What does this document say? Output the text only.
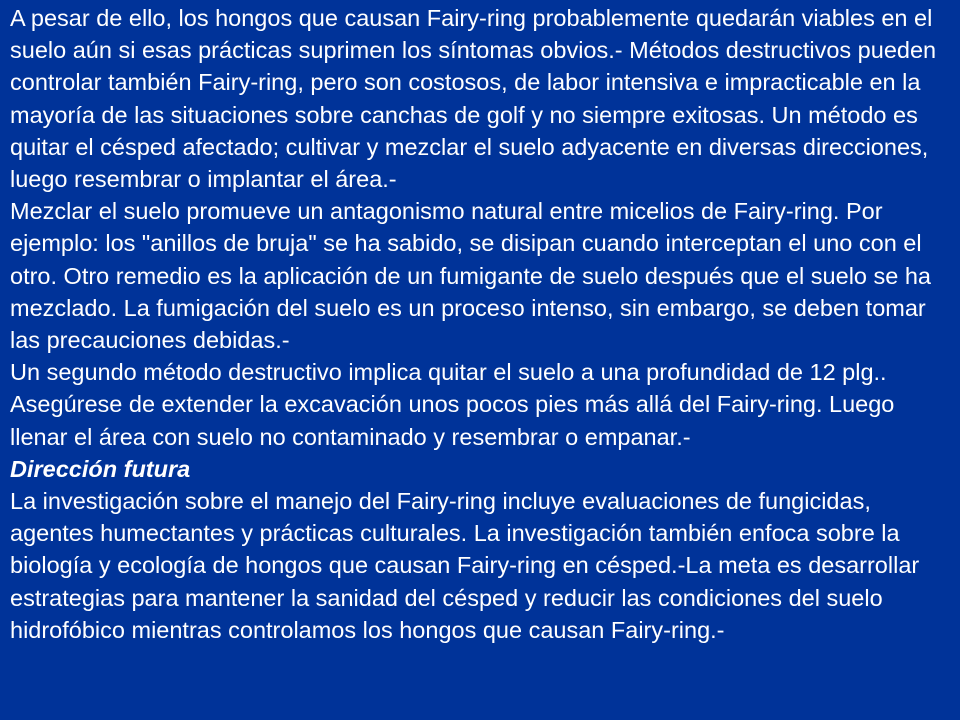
A pesar de ello, los hongos que causan Fairy-ring probablemente quedarán viables en el suelo aún si esas prácticas suprimen los síntomas obvios.- Métodos destructivos pueden controlar también Fairy-ring, pero son costosos, de labor intensiva e impracticable en la mayoría de las situaciones sobre canchas de golf y no siempre exitosas. Un método es quitar el césped afectado; cultivar y mezclar el suelo adyacente en diversas direcciones, luego resembrar o implantar el área.-

Mezclar el suelo promueve un antagonismo natural entre micelios de Fairy-ring. Por ejemplo: los "anillos de bruja" se ha sabido, se disipan cuando interceptan el uno con el otro. Otro remedio es la aplicación de un fumigante de suelo después que el suelo se ha mezclado. La fumigación del suelo es un proceso intenso, sin embargo, se deben tomar las precauciones debidas.-

Un segundo método destructivo implica quitar el suelo a una profundidad de 12 plg.. Asegúrese de extender la excavación unos pocos pies más allá del Fairy-ring. Luego llenar el área con suelo no contaminado y resembrar o empanar.-

Dirección futura

La investigación sobre el manejo del Fairy-ring incluye evaluaciones de fungicidas, agentes humectantes y prácticas culturales. La investigación también enfoca sobre la biología y ecología de hongos que causan Fairy-ring en césped.-La meta es desarrollar estrategias para mantener la sanidad del césped y reducir las condiciones del suelo hidrofóbico mientras controlamos los hongos que causan Fairy-ring.-
